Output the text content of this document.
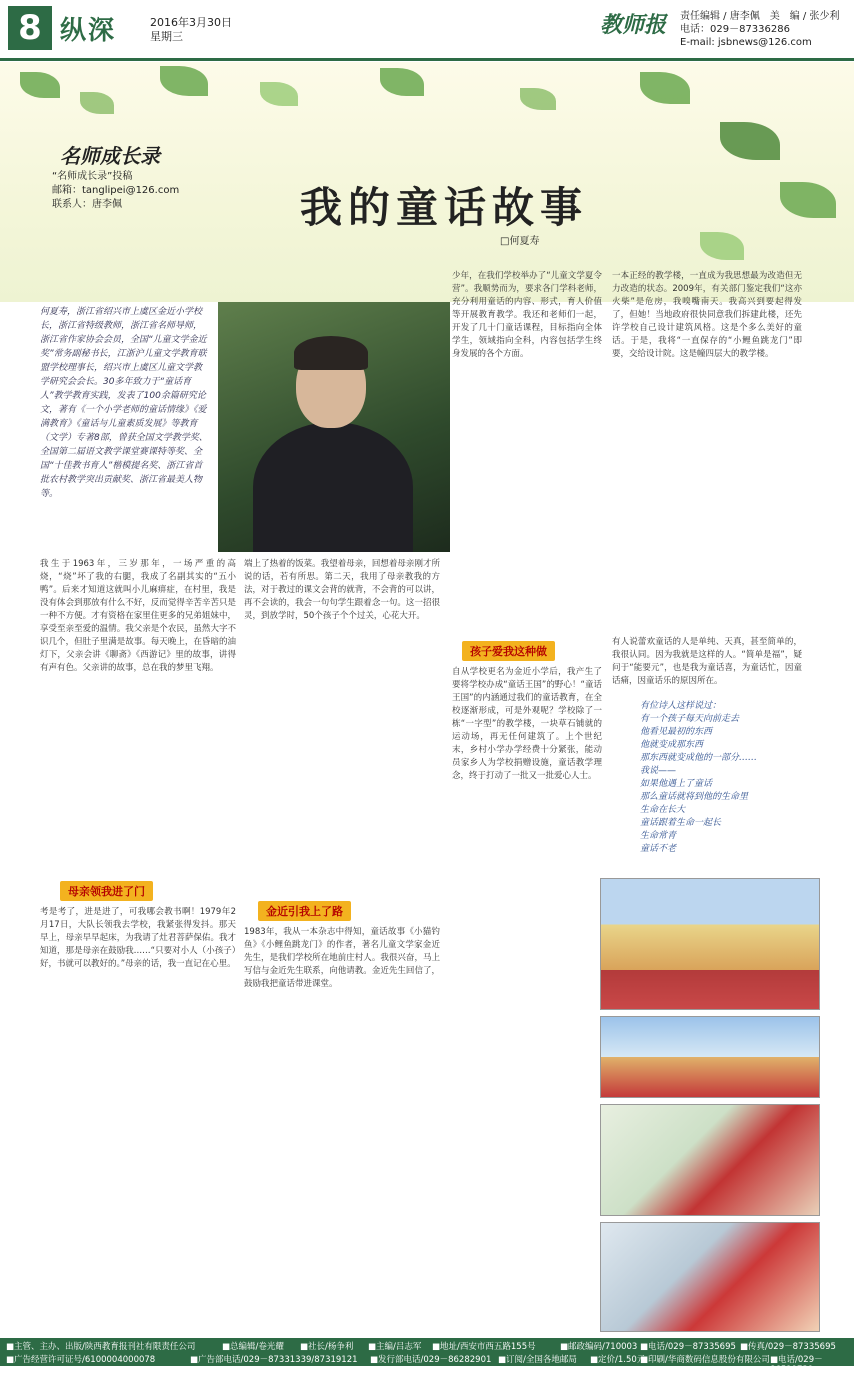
8 纵深	2016年3月30日
星期三	教师报 责任编辑 / 唐李佩　美　编 / 张少利
电话：029－87336286
E-mail: jsbnews@126.com
名师成长录
“名师成长录”投稿
邮箱：tanglipei@126.com
联系人：唐李佩	我的童话故事
□何夏寿
何夏寿，浙江省绍兴市上虞区金近小学校长，浙江省特级教师，浙江省名师导师，浙江省作家协会会员，全国“儿童文学金近奖”常务副秘书长，江浙沪儿童文学教育联盟学校理事长，绍兴市上虞区儿童文学教学研究会会长。30多年致力于“童话育人”教学教育实践，发表了100余篇研究论文，著有《一个小学老师的童话情缘》《爱满教育》《童话与儿童素质发展》等教育（文学）专著8部，曾获全国文学教学奖、全国第二届语文教学课堂赛课特等奖、全国“十佳教书育人”楷模提名奖、浙江省首批农村教学突出贡献奖、浙江省最美人物等。
我生于1963年，三岁那年，一场严重的高烧，“烧”坏了我的右腿，我成了名副其实的“五小鸭”。后来才知道这就叫小儿麻痹症，在村里，我是没有体会到那放有什么不好，反而觉得辛苦辛苦只是一种不方便。才有资格在家里住更多的兄弟姐妹中，享受至亲至爱的温情。我父亲是个农民，虽然大字不识几个，但肚子里满是故事。每天晚上，在昏暗的油灯下，父亲会讲《聊斋》《西游记》里的故事，讲得有声有色。父亲讲的故事，总在我的梦里飞翔。
母亲领我进了门
考是考了，进是进了，可我哪会教书啊！1979年2月17日，大队长领我去学校，我紧张得发抖。那天早上，母亲早早起床，为我请了灶君菩萨保佑。我才知道，那是母亲在鼓励我……“只要对小人（小孩子）好，书就可以教好的。”母亲的话，我一直记在心里。
端上了热着的饭菜。我望着母亲，回想着母亲刚才所说的话，若有所思。第二天，我用了母亲教我的方法，对于教过的课文会背的就背，不会背的可以讲，再不会读的，我会一句句学生跟着念一句。这一招很灵，到放学时，50个孩子个个过关，心花大开。
金近引我上了路
1983年，我从一本杂志中得知，童话故事《小猫钓鱼》《小鲤鱼跳龙门》的作者，著名儿童文学家金近先生，是我们学校所在地前庄村人。我很兴奋，马上写信与金近先生联系，向他请教。金近先生回信了，鼓励我把童话带进课堂。
少年，在我们学校举办了“儿童文学夏令营”。我顺势而为，要求各门学科老师，充分利用童话的内容、形式，育人价值等开展教育教学。我还和老师们一起，开发了几十门童话课程，目标指向全体学生，领域指向全科，内容包括学生终身发展的各个方面。
孩子爱我这种做
自从学校更名为金近小学后，我产生了要将学校办成“童话王国”的野心！“童话王国”的内涵通过我们的童话教育，在全校逐渐形成，可是外观呢？学校除了一栋“一字型”的教学楼，一块草石铺就的运动场，再无任何建筑了。上个世纪末，乡村小学办学经费十分紧张，能动员家乡人为学校捐赠设施，童话教学理念，终于打动了一批又一批爱心人士。
一本正经的教学楼，一直成为我思想最为改造但无力改造的状态。2009年，有关部门鉴定我们“这亦火柴”是危房，我嗅嘴南天。我高兴到要起得发了，但她！当地政府很快同意我们拆建此楼，还先许学校自己设计建筑风格。这是个多么美好的童话。于是，我将“一直保存的“小鲤鱼跳龙门”即要，交给设计院。这是幢四层大的教学楼。
有人说蕾欢童话的人是单纯、天真，甚至简单的，我很认同。因为我就是这样的人。“简单是福”，疑问于“能要元”，也是我为童话喜，为童话忙，因童话痛，因童话乐的原因所在。
有位诗人这样说过：
有一个孩子每天向前走去
他看见最初的东西
他就变成那东西
那东西就变成他的一部分……
我说——
如果他遇上了童话
那么童话就将到他的生命里
生命在长大
童话跟着生命一起长
生命常青
童话不老
■主管、主办、出版/陕西教育报刊社有限责任公司	■总编辑/卷光耀 ■社长/杨争利 ■主编/吕志军 ■地址/西安市西五路155号	■邮政编码/710003 ■电话/029－87335695 ■传真/029－87335695
■广告经营许可证号/6100004000078	■广告部电话/029－87331339/87319121 ■发行部电话/029－86282901 ■订阅/全国各地邮局 ■定价/1.50元
■印刷/华商数码信息股份有限公司 ■电话/029－86519739
